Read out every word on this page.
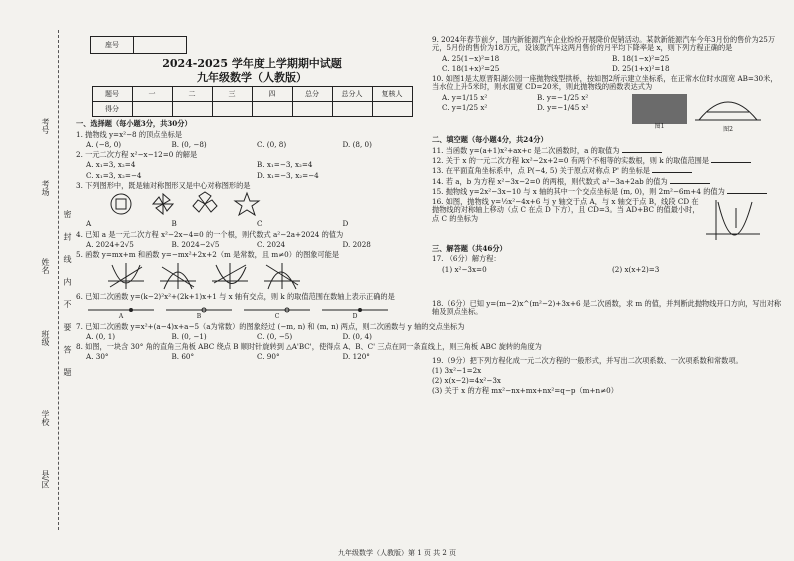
考号
考场
姓名
班级
学校
县/区
密 封 线 内 不 要 答 题
座号	
2024-2025 学年度上学期期中试题
九年级数学（人教版）
题号	一	二	三	四	总分	总分人	复核人
得分							
一、选择题（每小题3分，共30分）
1. 抛物线 y=x²−8 的顶点坐标是
A. (−8, 0)	B. (0, −8)	C. (0, 8)	D. (8, 0)
2. 一元二次方程 x²−x−12=0 的解是
A. x₁=3, x₂=4	B. x₁=−3, x₂=4
C. x₁=3, x₂=−4	D. x₁=−3, x₂=−4
3. 下列图形中，既是轴对称图形又是中心对称图形的是
A	B	C	D
4. 已知 a 是一元二次方程 x²−2x−4=0 的一个根，则代数式 a²−2a+2024 的值为
A. 2024+2√5	B. 2024−2√5	C. 2024	D. 2028
5. 函数 y=mx+m 和函数 y=−mx²+2x+2（m 是常数，且 m≠0）的图象可能是
6. 已知二次函数 y=(k−2)²x²+(2k+1)x+1 与 x 轴有交点，则 k 的取值范围在数轴上表示正确的是
A	B	C	D
7. 已知二次函数 y=x²+(a−4)x+a−5（a为常数）的图象经过 (−m, n) 和 (m, n) 两点，则二次函数与 y 轴的交点坐标为
A. (0, 1)	B. (0, −1)	C. (0, −5)	D. (0, 4)
8. 如图，一块含 30° 角的直角三角板 ABC 绕点 B 顺时针旋转到 △A'BC'，使得点 A、B、C' 三点在同一条直线上，则三角板 ABC 旋转的角度为
A. 30°	B. 60°	C. 90°	D. 120°
9. 2024年春节前夕，国内新能源汽车企业纷纷开展降价促销活动。某款新能源汽车今年3月份的售价为25万元，5月份的售价为18万元，设该款汽车这两月售价的月平均下降率是 x，则下列方程正确的是
A. 25(1−x)²=18	B. 18(1−x)²=25
C. 18(1+x)²=25	D. 25(1+x)²=18
10. 如图1是太原晋阳湖公园一座抛物线型拱桥，按如图2所示建立坐标系，在正常水位时水面宽 AB=30米，当水位上升5米时，则水面宽 CD=20米，则此抛物线的函数表达式为
A. y=1/15 x²	B. y=−1/25 x²
C. y=1/25 x²	D. y=−1/45 x²
图1	图2
二、填空题（每小题4分，共24分）
11. 当函数 y=(a+1)x²+ax+c 是二次函数时，a 的取值为
12. 关于 x 的一元二次方程 kx²−2x+2=0 有两个不相等的实数根，则 k 的取值范围是
13. 在平面直角坐标系中，点 P(−4, 5) 关于原点对称点 P' 的坐标是
14. 若 a，b 为方程 x²−3x−2=0 的两根，则代数式 a²−3a+2ab 的值为
15. 抛物线 y=2x²−3x−10 与 x 轴的其中一个交点坐标是 (m, 0)，则 2m²−6m+4 的值为
16. 如图，抛物线 y=½x²−4x+6 与 y 轴交于点 A，与 x 轴交于点 B，线段 CD 在抛物线的对称轴上移动（点 C 在点 D 下方），且 CD=3。当 AD+BC 的值最小时，点 C 的坐标为
三、解答题（共46分）
17. （6分）解方程：
(1) x²−3x=0	(2) x(x+2)=3
18.（6分）已知 y=(m−2)x^(m²−2)+3x+6 是二次函数，求 m 的值，并判断此抛物线开口方向，写出对称轴及顶点坐标。
19.（9分）把下列方程化成一元二次方程的一般形式，并写出二次项系数、一次项系数和常数项。
(1) 3x²−1=2x
(2) x(x−2)=4x²−3x
(3) 关于 x 的方程 mx²−nx+mx+nx²=q−p（m+n≠0）
九年级数学（人教版）第 1 页 共 2 页
